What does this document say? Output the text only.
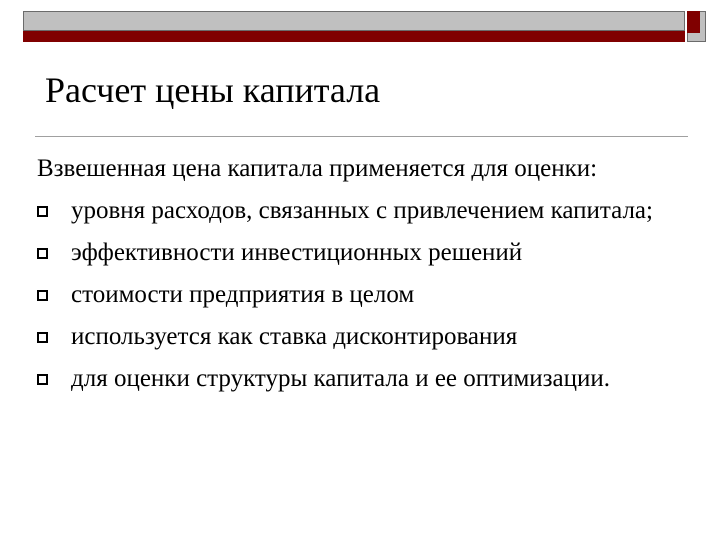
Расчет цены капитала

Взвешенная цена капитала применяется для оценки:

уровня расходов, связанных с привлечением капитала;
эффективности инвестиционных решений
стоимости предприятия в целом
используется как ставка дисконтирования
для оценки структуры капитала и ее оптимизации.
